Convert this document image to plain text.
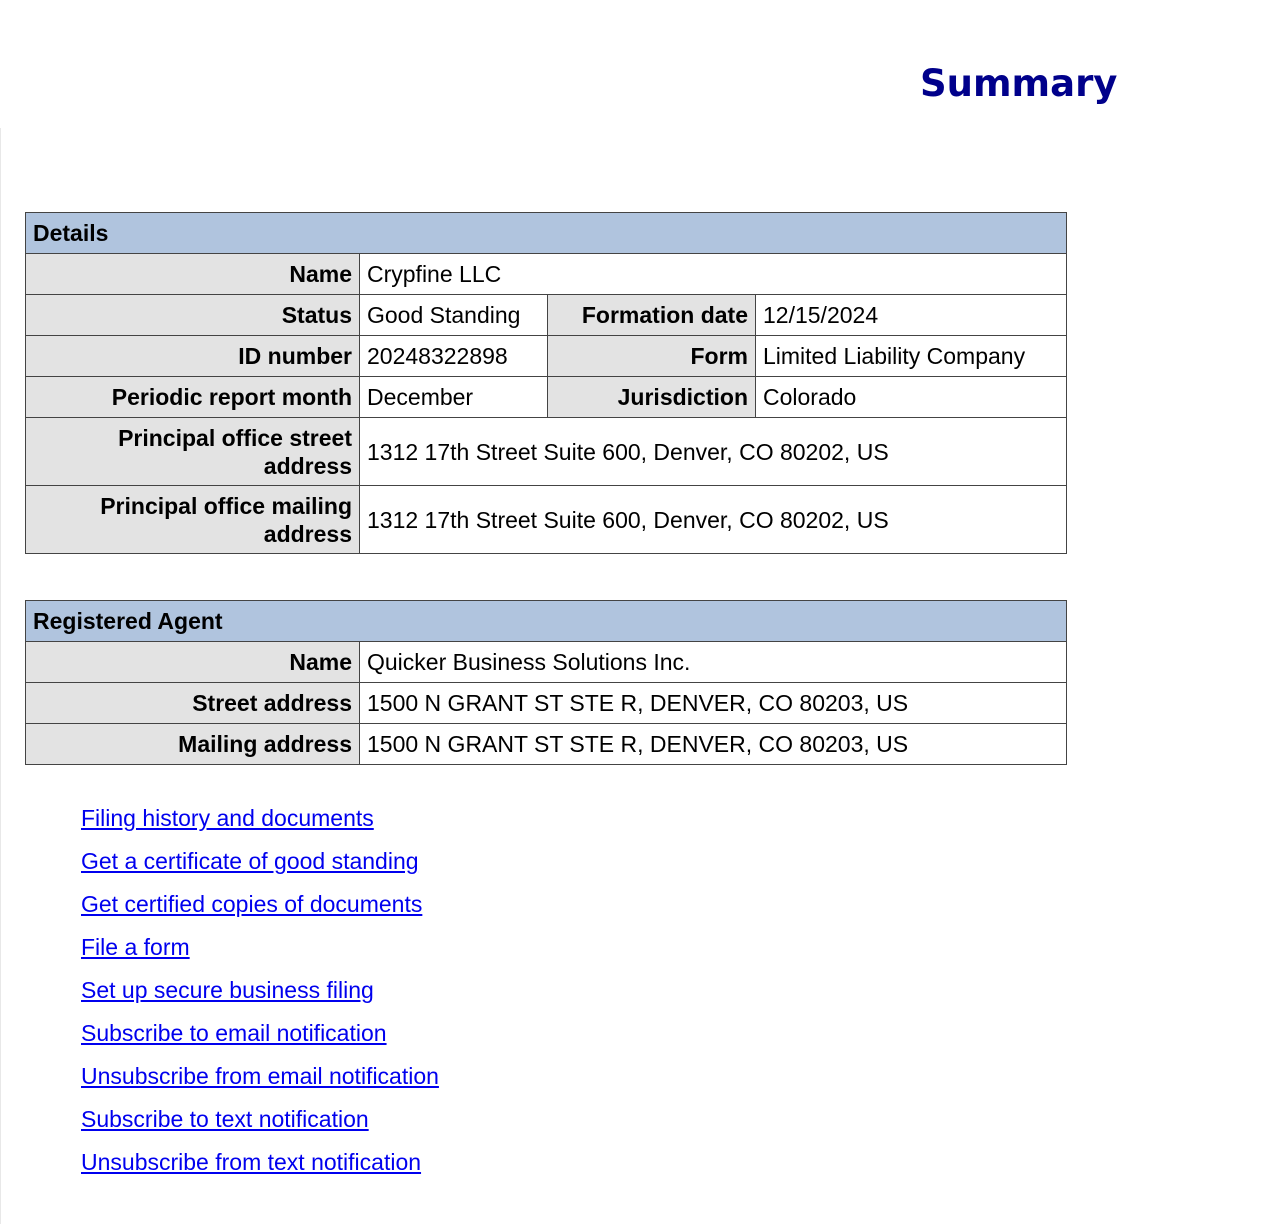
Summary
Details			
Name	Crypfine LLC		
Status	Good Standing	Formation date	12/15/2024
ID number	20248322898	Form	Limited Liability Company
Periodic report month	December	Jurisdiction	Colorado
Principal office street address	1312 17th Street Suite 600, Denver, CO 80202, US		
Principal office mailing address	1312 17th Street Suite 600, Denver, CO 80202, US		
Registered Agent	
Name	Quicker Business Solutions Inc.
Street address	1500 N GRANT ST STE R, DENVER, CO 80203, US
Mailing address	1500 N GRANT ST STE R, DENVER, CO 80203, US
Filing history and documents
Get a certificate of good standing
Get certified copies of documents
File a form
Set up secure business filing
Subscribe to email notification
Unsubscribe from email notification
Subscribe to text notification
Unsubscribe from text notification
